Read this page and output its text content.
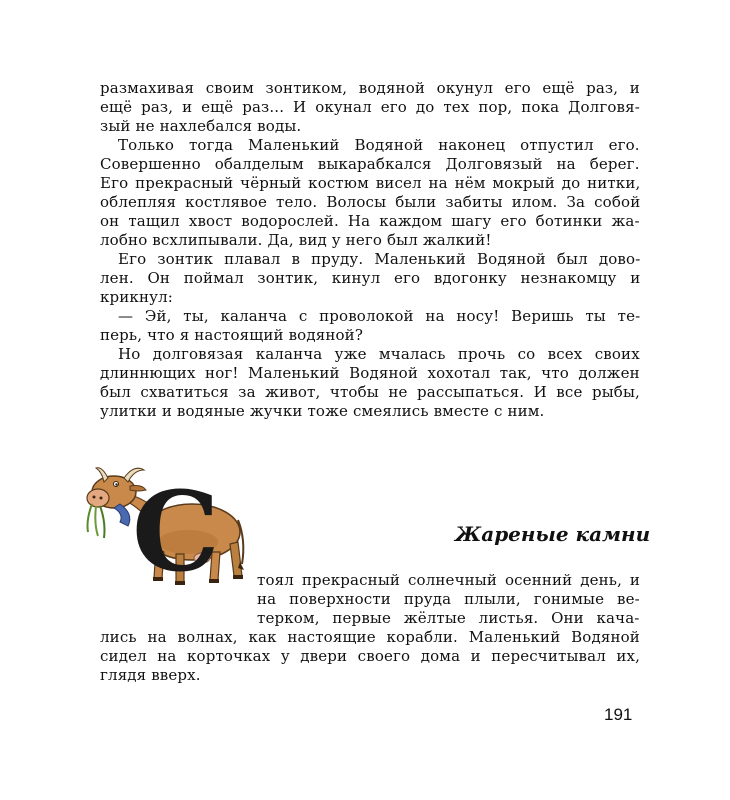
размахивая своим зонтиком, водяной окунул его ещё раз, и
ещё раз, и ещё раз... И окунал его до тех пор, пока Долговя-
зый не нахлебался воды.
Только тогда Маленький Водяной наконец отпустил его.
Совершенно обалделым выкарабкался Долговязый на берег.
Его прекрасный чёрный костюм висел на нём мокрый до нитки,
облепляя костлявое тело. Волосы были забиты илом. За собой
он тащил хвост водорослей. На каждом шагу его ботинки жа-
лобно всхлипывали. Да, вид у него был жалкий!
Его зонтик плавал в пруду. Маленький Водяной был дово-
лен. Он поймал зонтик, кинул его вдогонку незнакомцу и
крикнул:
— Эй, ты, каланча с проволокой на носу! Веришь ты те-
перь, что я настоящий водяной?
Но долговязая каланча уже мчалась прочь со всех своих
длиннющих ног! Маленький Водяной хохотал так, что должен
был схватиться за живот, чтобы не рассыпаться. И все рыбы,
улитки и водяные жучки тоже смеялись вместе с ним.
С	Жареные камни
тоял прекрасный солнечный осенний день, и
на поверхности пруда плыли, гонимые ве-
терком, первые жёлтые листья. Они кача-
лись на волнах, как настоящие корабли. Маленький Водяной
сидел на корточках у двери своего дома и пересчитывал их,
глядя вверх.
191
